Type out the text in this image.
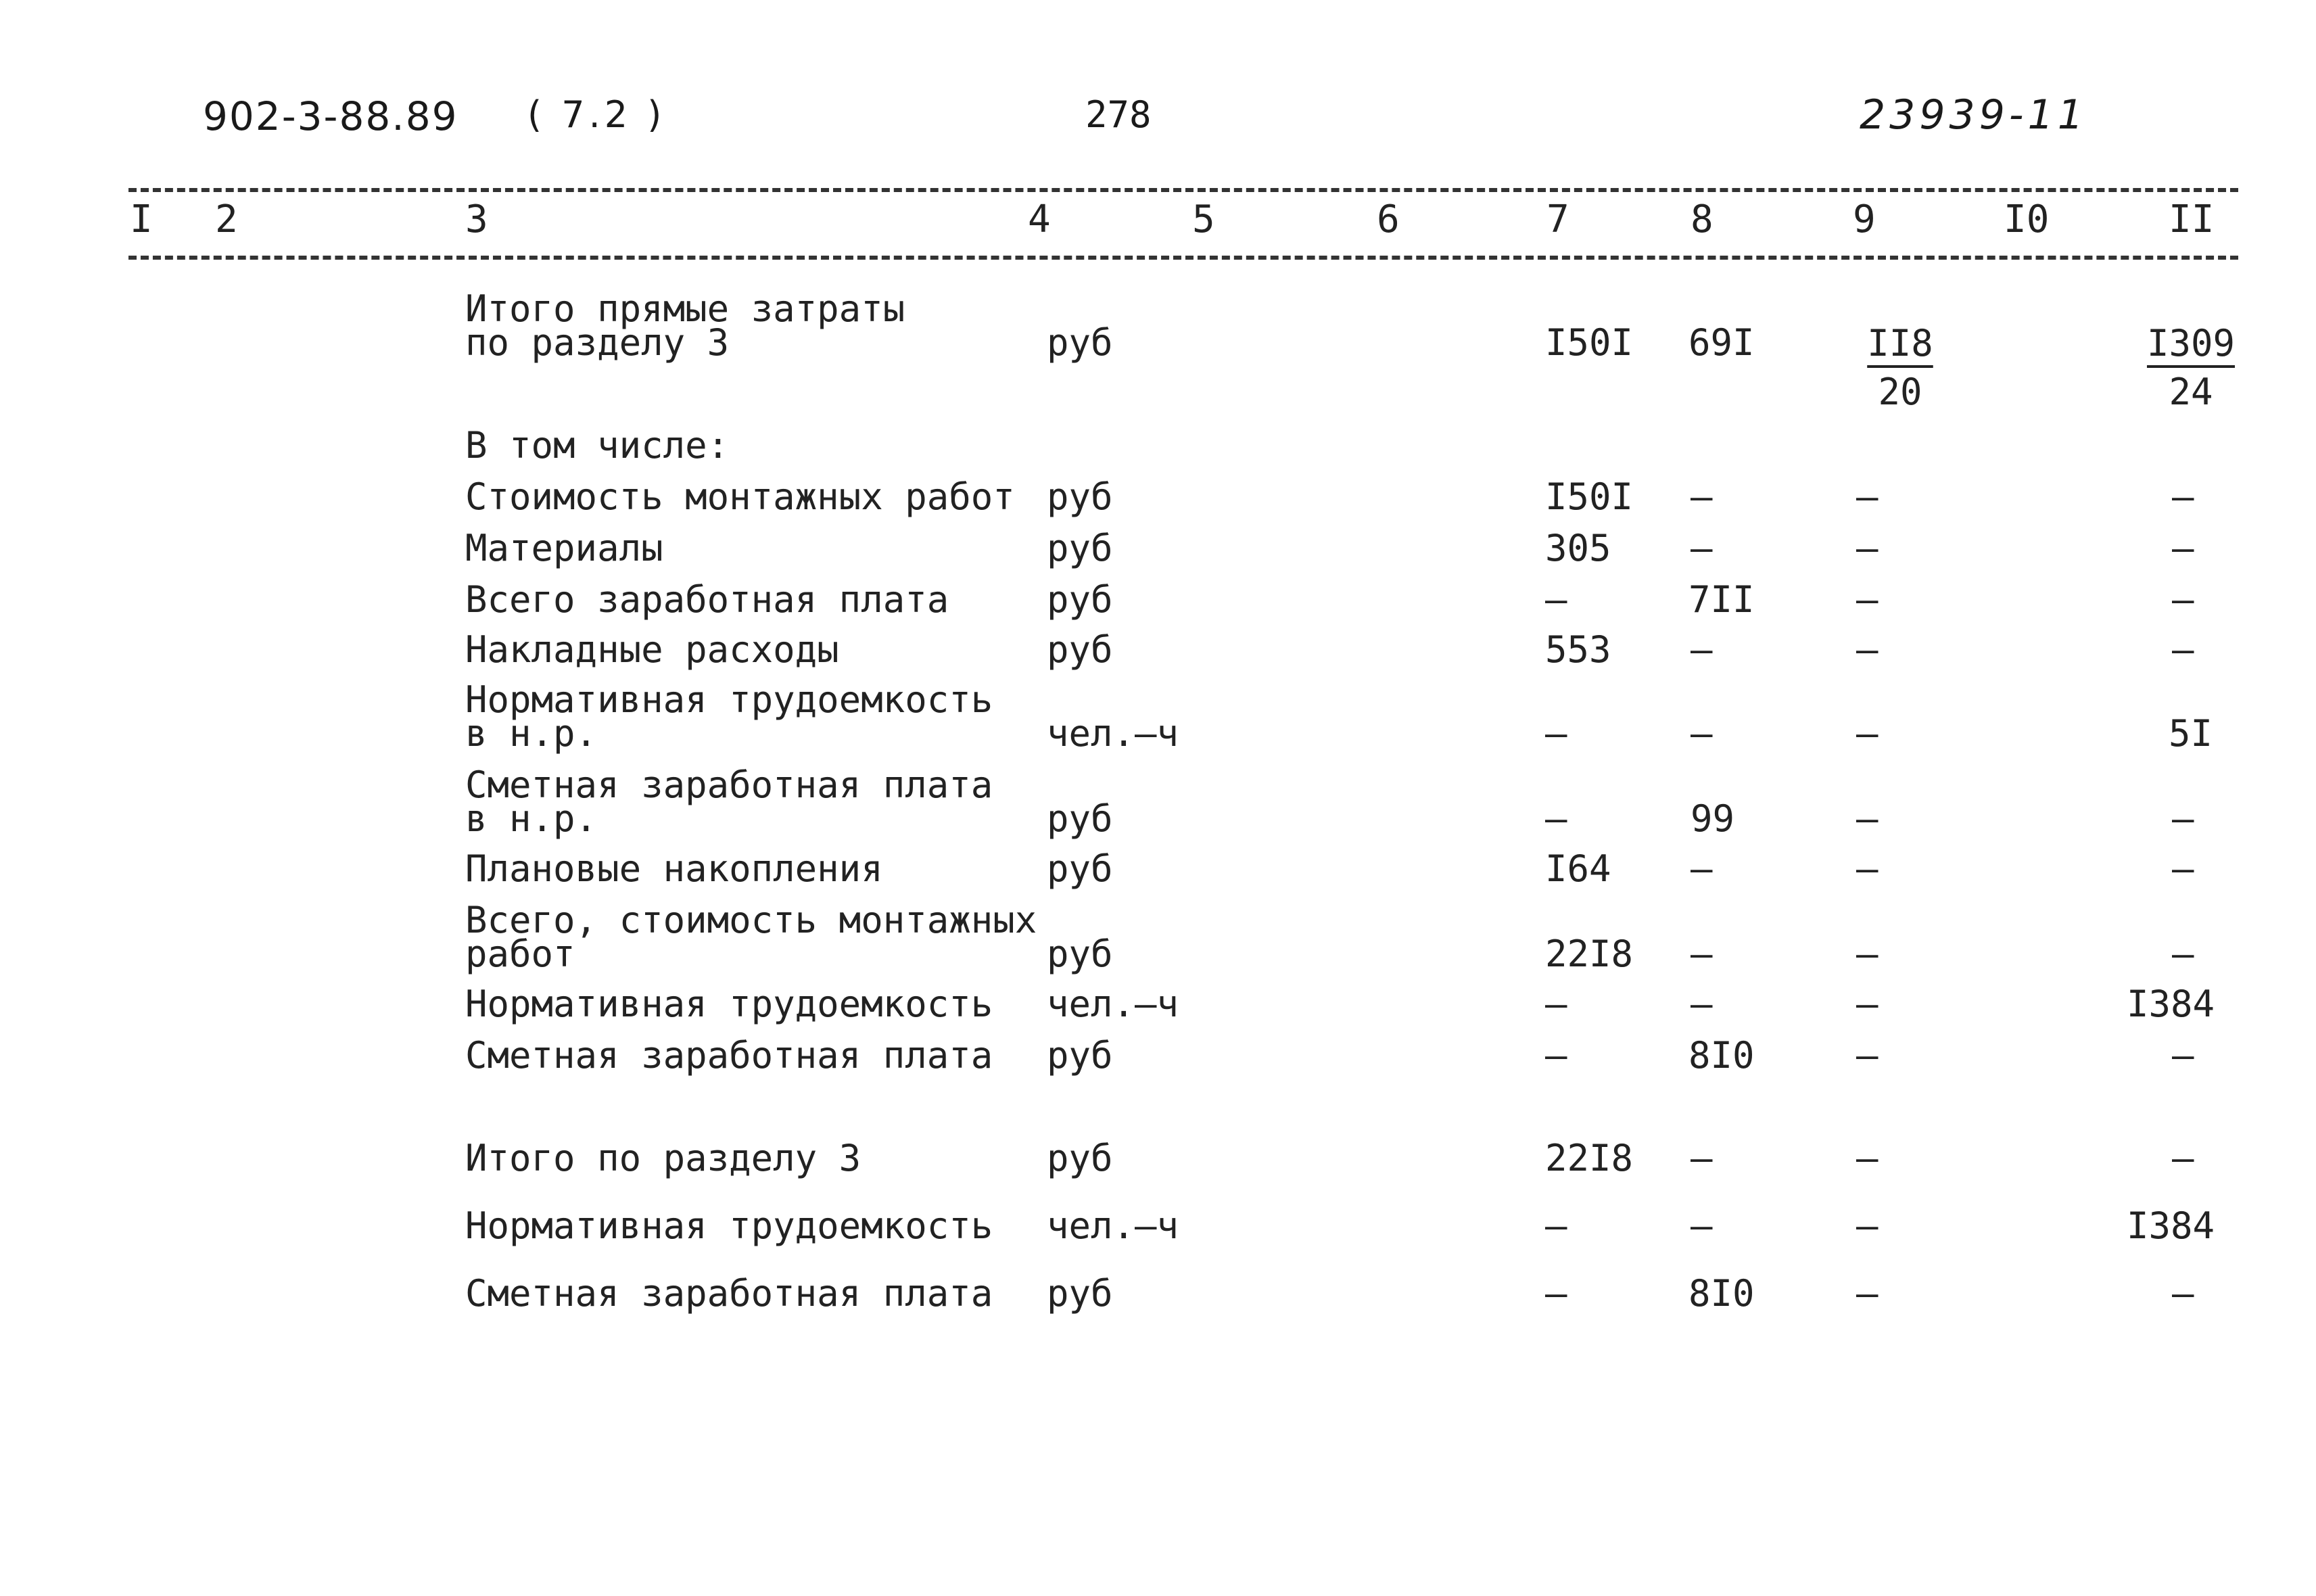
902-3-88.89 ( 7.2 )	278	23939-11
I 2	3	4	5	6	7	8	9	I0	II
Итого прямые затраты
по разделу 3	руб	I50I 69I	$\frac{II8}{20}$	$\frac{I309}{24}$
В том числе:
Стоимость монтажных работ руб	I50I –	–	–
Материалы	руб	305 –	–	–
Всего заработная плата	руб	–	7II	–	–
Накладные расходы	руб	553 –	–	–
Нормативная трудоемкость
в н.р.	чел.–ч	–	–	–	5I
Сметная заработная плата
в н.р.	руб	–	99	–	–
Плановые накопления	руб	I64 –	–	–
Всего, стоимость монтажных
работ	руб	22I8 –	–	–
Нормативная трудоемкость чел.–ч	–	–	–	I384
Сметная заработная плата руб	–	8I0	–	–
Итого по разделу 3	руб	22I8 –	–	–
Нормативная трудоемкость чел.–ч	–	–	–	I384
Сметная заработная плата руб	–	8I0	–	–
